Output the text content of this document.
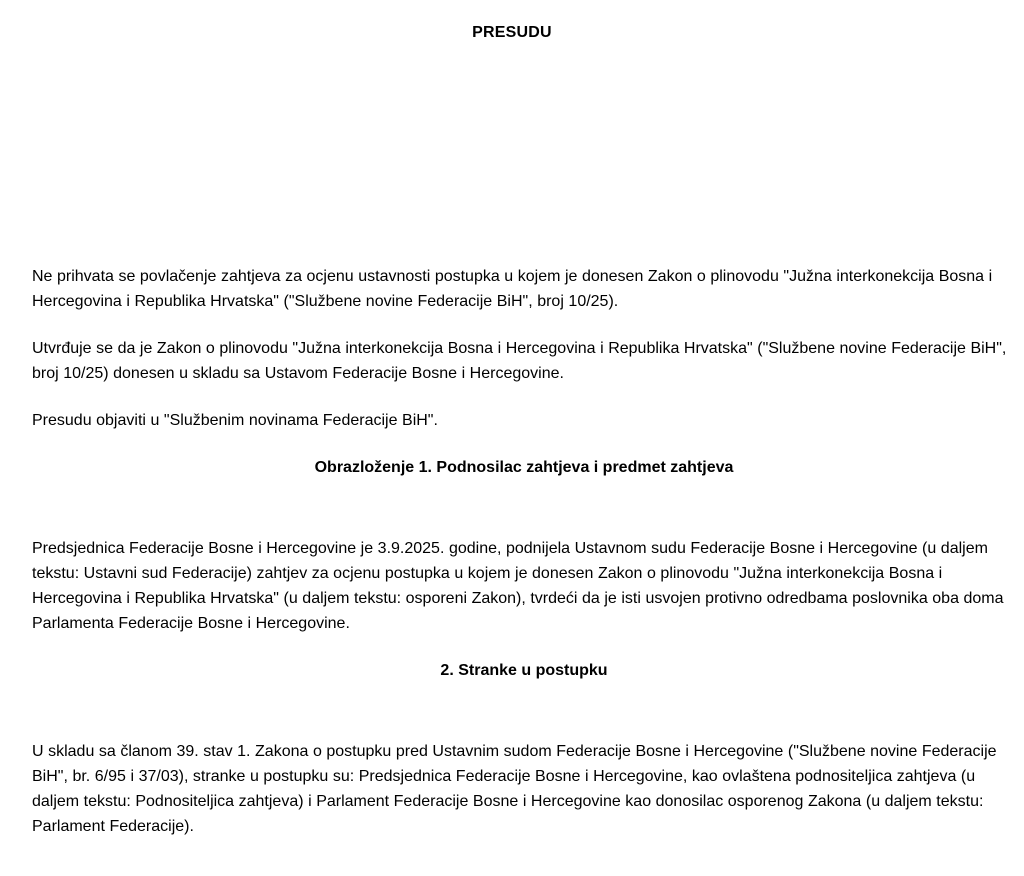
PRESUDU

Ne prihvata se povlačenje zahtjeva za ocjenu ustavnosti postupka u kojem je donesen Zakon o plinovodu "Južna interkonekcija Bosna i Hercegovina i Republika Hrvatska" ("Službene novine Federacije BiH", broj 10/25).

Utvrđuje se da je Zakon o plinovodu "Južna interkonekcija Bosna i Hercegovina i Republika Hrvatska" ("Službene novine Federacije BiH", broj 10/25) donesen u skladu sa Ustavom Federacije Bosne i Hercegovine.

Presudu objaviti u "Službenim novinama Federacije BiH".

Obrazloženje 1. Podnosilac zahtjeva i predmet zahtjeva

Predsjednica Federacije Bosne i Hercegovine je 3.9.2025. godine, podnijela Ustavnom sudu Federacije Bosne i Hercegovine (u daljem tekstu: Ustavni sud Federacije) zahtjev za ocjenu postupka u kojem je donesen Zakon o plinovodu "Južna interkonekcija Bosna i Hercegovina i Republika Hrvatska" (u daljem tekstu: osporeni Zakon), tvrdeći da je isti usvojen protivno odredbama poslovnika oba doma Parlamenta Federacije Bosne i Hercegovine.

2. Stranke u postupku

U skladu sa članom 39. stav 1. Zakona o postupku pred Ustavnim sudom Federacije Bosne i Hercegovine ("Službene novine Federacije BiH", br. 6/95 i 37/03), stranke u postupku su: Predsjednica Federacije Bosne i Hercegovine, kao ovlaštena podnositeljica zahtjeva (u daljem tekstu: Podnositeljica zahtjeva) i Parlament Federacije Bosne i Hercegovine kao donosilac osporenog Zakona (u daljem tekstu: Parlament Federacije).
